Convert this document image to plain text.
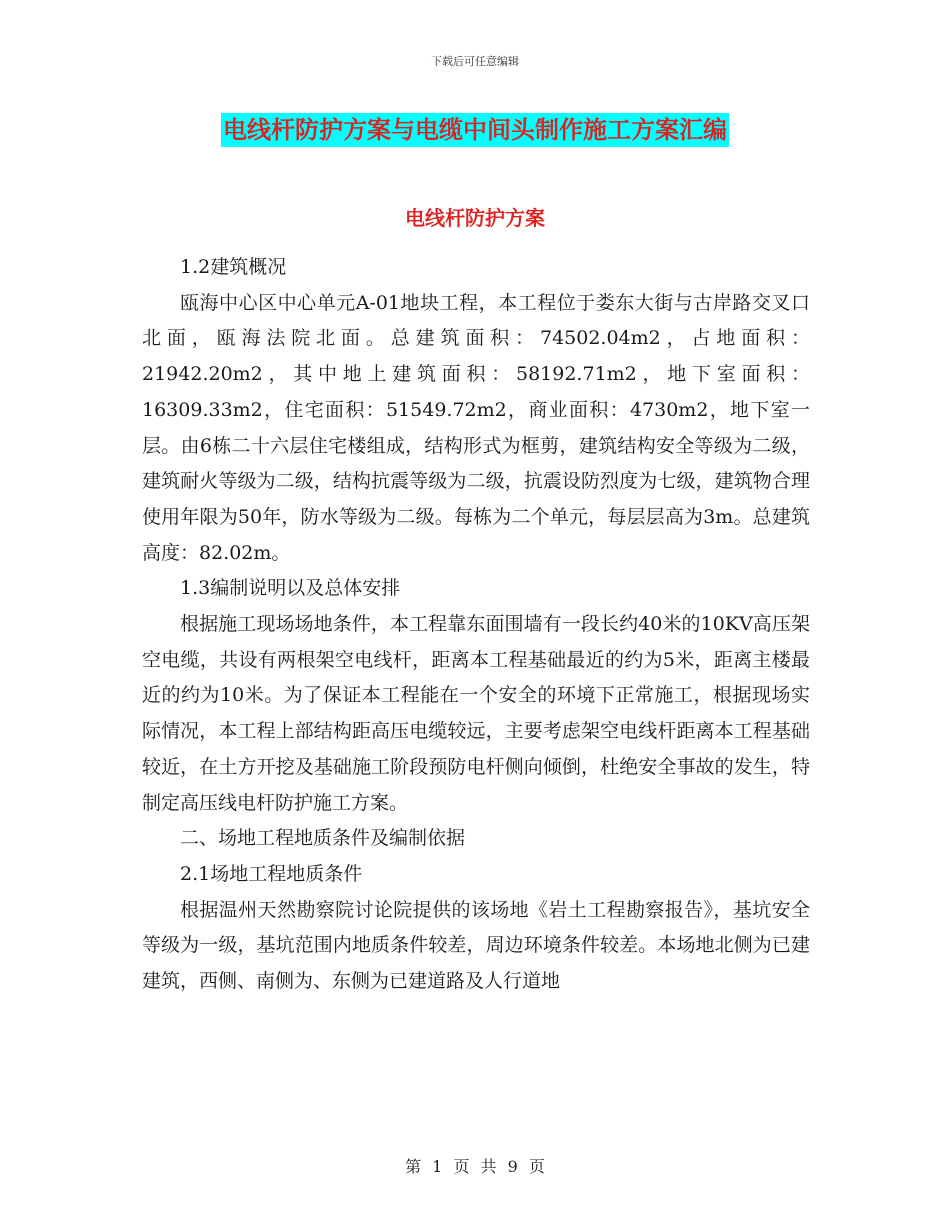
下载后可任意编辑
电线杆防护方案与电缆中间头制作施工方案汇编
电线杆防护方案

1.2建筑概况

瓯海中心区中心单元A-01地块工程，本工程位于娄东大街与古岸路交叉口北面，瓯海法院北面。总建筑面积：74502.04m2，占地面积：21942.20m2，其中地上建筑面积：58192.71m2，地下室面积：16309.33m2，住宅面积：51549.72m2，商业面积：4730m2，地下室一层。由6栋二十六层住宅楼组成，结构形式为框剪，建筑结构安全等级为二级，建筑耐火等级为二级，结构抗震等级为二级，抗震设防烈度为七级，建筑物合理使用年限为50年，防水等级为二级。每栋为二个单元，每层层高为3m。总建筑高度：82.02m。

1.3编制说明以及总体安排

根据施工现场场地条件，本工程靠东面围墙有一段长约40米的10KV高压架空电缆，共设有两根架空电线杆，距离本工程基础最近的约为5米，距离主楼最近的约为10米。为了保证本工程能在一个安全的环境下正常施工，根据现场实际情况，本工程上部结构距高压电缆较远，主要考虑架空电线杆距离本工程基础较近，在土方开挖及基础施工阶段预防电杆侧向倾倒，杜绝安全事故的发生，特制定高压线电杆防护施工方案。

二、场地工程地质条件及编制依据

2.1场地工程地质条件

根据温州天然勘察院讨论院提供的该场地《岩土工程勘察报告》，基坑安全等级为一级，基坑范围内地质条件较差，周边环境条件较差。本场地北侧为已建建筑，西侧、南侧为、东侧为已建道路及人行道地

第 1 页 共 9 页
